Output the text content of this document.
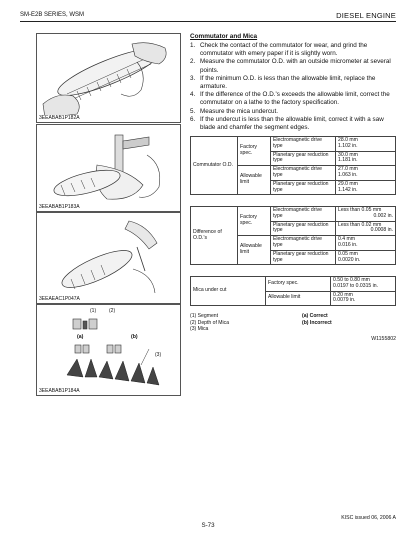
SM-E2B SERIES, WSM	DIESEL ENGINE
3EEABAB1P182A
3EEABAB1P183A
3EEAEAC1P047A
(1)	(2)
(a)	(b)
(3)
3EEABAB1P184A
Commutator and Mica
1. Check the contact of the commutator for wear, and grind the commutator with emery paper if it is slightly worn.
2. Measure the commutator O.D. with an outside micrometer at several points.
3. If the minimum O.D. is less than the allowable limit, replace the armature.
4. If the difference of the O.D.'s exceeds the allowable limit, correct the commutator on a lathe to the factory specification.
5. Measure the mica undercut.
6. If the undercut is less than the allowable limit, correct it with a saw blade and chamfer the segment edges.
Commutator O.D.	Factory spec.	Electromagnetic drive type	28.0 mm
1.102 in.
		Planetary gear reduction type	30.0 mm
1.181 in.
	Allowable limit	Electromagnetic drive type	27.0 mm
1.063 in.
		Planetary gear reduction type	29.0 mm
1.142 in.
Difference of O.D.'s	Factory spec.	Electromagnetic drive type	Less than 0.05 mm
0.002 in.

		Planetary gear reduction type	Less than 0.02 mm
0.0008 in.

	Allowable limit	Electromagnetic drive type	0.4 mm
0.016 in.

		Planetary gear reduction type	0.05 mm
0.0020 in.
Mica under cut	Factory spec.	0.50 to 0.80 mm
0.0197 to 0.0315 in.

	Allowable limit	0.20 mm
0.0079 in.
(1) Segment	(a) Correct
(2) Depth of Mica	(b) Incorrect
(3) Mica
W1155802
KISC issued 06, 2006 A
S-73
